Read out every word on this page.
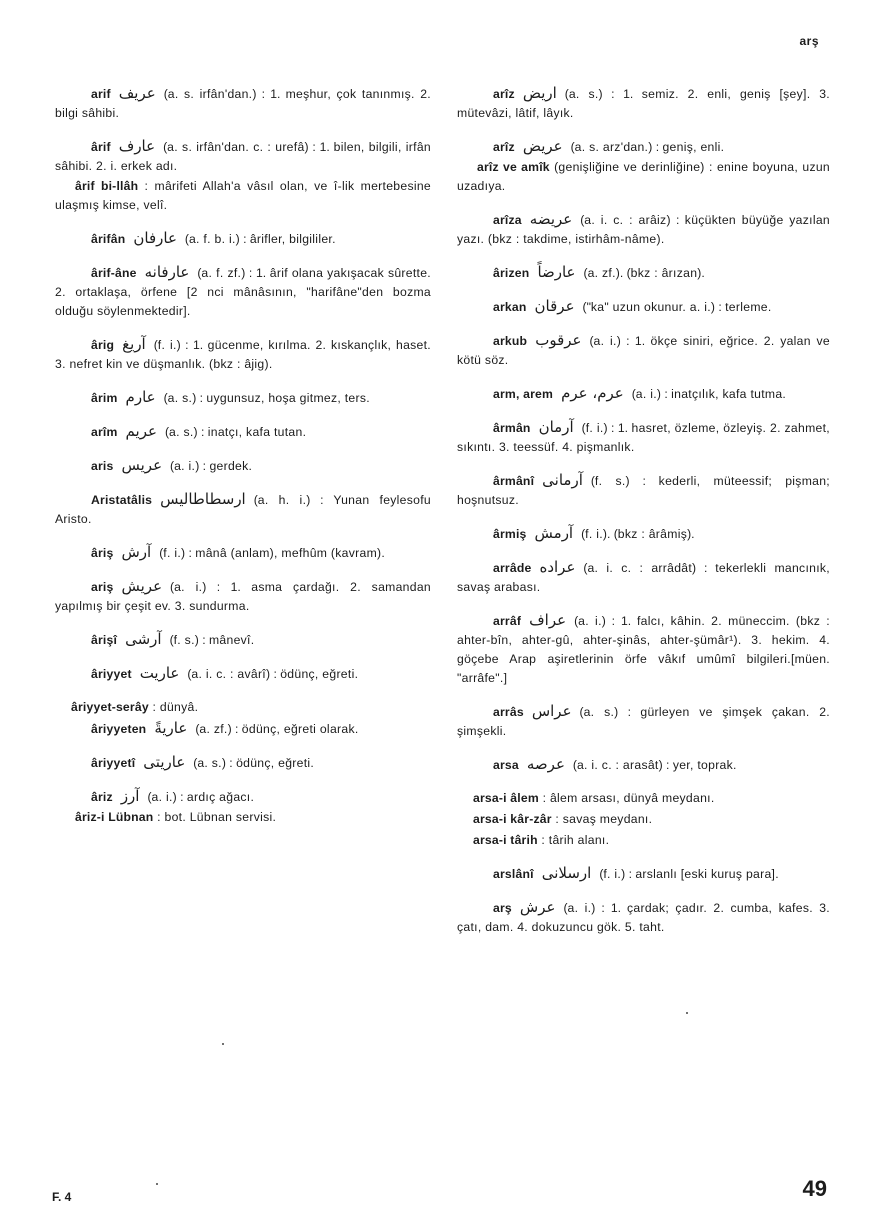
arş

arif عریف (a. s. irfân'dan.) : 1. meşhur, çok tanınmış. 2. bilgi sâhibi.

ârif عارف (a. s. irfân'dan. c. : urefâ) : 1. bilen, bilgili, irfân sâhibi. 2. i. erkek adı.

ârif bi-llâh : mârifeti Allah'a vâsıl olan, ve î-lik mertebesine ulaşmış kimse, velî.

ârifân عارفان (a. f. b. i.) : ârifler, bilgililer.

ârif-âne عارفانه (a. f. zf.) : 1. ârif olana yakışacak sûrette. 2. ortaklaşa, örfene [2 nci mânâsının, "harifâne"den bozma olduğu söylenmektedir].

ârig آریغ (f. i.) : 1. gücenme, kırılma. 2. kıskançlık, haset. 3. nefret kin ve düşmanlık. (bkz : âjig).

ârim عارم (a. s.) : uygunsuz, hoşa gitmez, ters.

arîm عریم (a. s.) : inatçı, kafa tutan.

aris عریس (a. i.) : gerdek.

Aristatâlis ارسطاطالیس (a. h. i.) : Yunan feylesofu Aristo.

âriş آرش (f. i.) : mânâ (anlam), mefhûm (kavram).

ariş عریش (a. i.) : 1. asma çardağı. 2. samandan yapılmış bir çeşit ev. 3. sundurma.

ârişî آرشی (f. s.) : mânevî.

âriyyet عاریت (a. i. c. : avârî) : ödünç, eğreti.

âriyyet-serây : dünyâ.

âriyyeten عاریةً (a. zf.) : ödünç, eğreti olarak.

âriyyetî عاریتی (a. s.) : ödünç, eğreti.

âriz آرز (a. i.) : ardıç ağacı.

âriz-i Lübnan : bot. Lübnan servisi.

arîz اریض (a. s.) : 1. semiz. 2. enli, geniş [şey]. 3. mütevâzi, lâtif, lâyık.

arîz عریض (a. s. arz'dan.) : geniş, enli.

arîz ve amîk (genişliğine ve derinliğine) : enine boyuna, uzun uzadıya.

arîza عریضه (a. i. c. : arâiz) : küçükten büyüğe yazılan yazı. (bkz : takdime, istirhâm-nâme).

ârizen عارضاً (a. zf.). (bkz : ârızan).

arkan عرقان ("ka" uzun okunur. a. i.) : terleme.

arkub عرقوب (a. i.) : 1. ökçe siniri, eğrice. 2. yalan ve kötü söz.

arm, arem عرم، عرم (a. i.) : inatçılık, kafa tutma.

ârmân آرمان (f. i.) : 1. hasret, özleme, özleyiş. 2. zahmet, sıkıntı. 3. teessüf. 4. pişmanlık.

ârmânî آرمانی (f. s.) : kederli, müteessif; pişman; hoşnutsuz.

ârmiş آرمش (f. i.). (bkz : ârâmiş).

arrâde عراده (a. i. c. : arrâdât) : tekerlekli mancınık, savaş arabası.

arrâf عراف (a. i.) : 1. falcı, kâhin. 2. müneccim. (bkz : ahter-bîn, ahter-gû, ahter-şinâs, ahter-şümâr¹). 3. hekim. 4. göçebe Arap aşiretlerinin örfe vâkıf umûmî bilgileri.[müen. "arrâfe".]

arrâs عراس (a. s.) : gürleyen ve şimşek çakan. 2. şimşekli.

arsa عرصه (a. i. c. : arasât) : yer, toprak.

arsa-i âlem : âlem arsası, dünyâ meydanı.

arsa-i kâr-zâr : savaş meydanı.

arsa-i târih : târih alanı.

arslânî ارسلانی (f. i.) : arslanlı [eski kuruş para].

arş عرش (a. i.) : 1. çardak; çadır. 2. cumba, kafes. 3. çatı, dam. 4. dokuzuncu gök. 5. taht.

F. 4	49
